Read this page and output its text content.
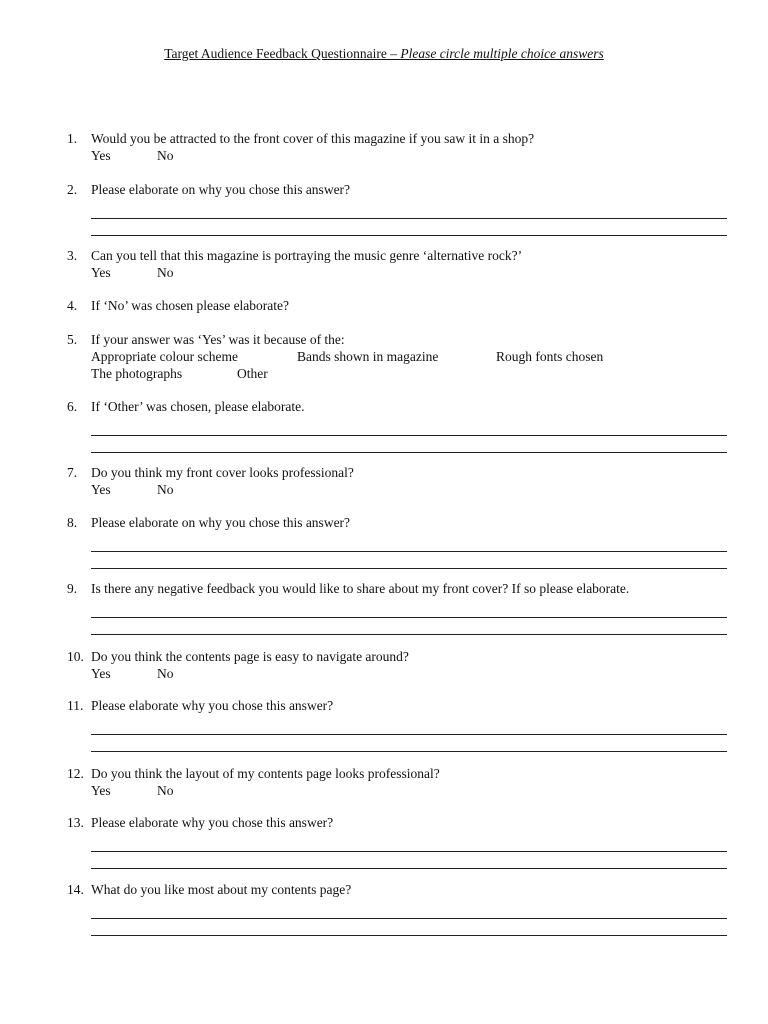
Target Audience Feedback Questionnaire – Please circle multiple choice answers
1. Would you be attracted to the front cover of this magazine if you saw it in a shop?
Yes	No
2. Please elaborate on why you chose this answer?
3. Can you tell that this magazine is portraying the music genre ‘alternative rock?’
Yes	No
4. If ‘No’ was chosen please elaborate?
5. If your answer was ‘Yes’ was it because of the:
Appropriate colour scheme	Bands shown in magazine	Rough fonts chosen
The photographs	Other
6. If ‘Other’ was chosen, please elaborate.
7. Do you think my front cover looks professional?
Yes	No
8. Please elaborate on why you chose this answer?
9. Is there any negative feedback you would like to share about my front cover? If so please elaborate.
10. Do you think the contents page is easy to navigate around?
Yes	No
11. Please elaborate why you chose this answer?
12. Do you think the layout of my contents page looks professional?
Yes	No
13. Please elaborate why you chose this answer?
14. What do you like most about my contents page?
